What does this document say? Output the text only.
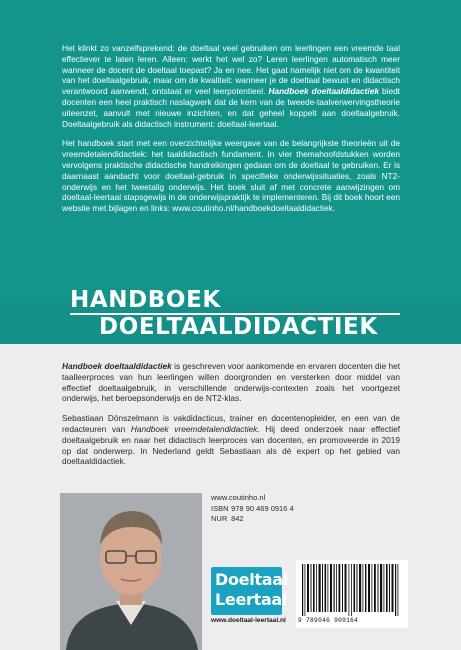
Het klinkt zo vanzelfsprekend: de doeltaal veel gebruiken om leerlingen een vreemde taal effectiever te laten leren. Alleen: werkt het wel zo? Leren leerlingen automatisch meer wanneer de docent de doeltaal toepast? Ja en nee. Het gaat namelijk niet om de kwantiteit van het doeltaalgebruik, maar om de kwaliteit: wanneer je de doeltaal bewust en didactisch verantwoord aanwendt, ontstaat er veel leerpotentieel. Handboek doeltaaldidactiek biedt docenten een heel praktisch naslagwerk dat de kern van de tweede-taalverwervingstheorie uiteenzet, aanvult met nieuwe inzichten, en dat geheel koppelt aan doeltaalgebruik. Doeltaalgebruik als didactisch instrument: doeltaal-leertaal.

Het handboek start met een overzichtelijke weergave van de belangrijkste theorieën uit de vreemdetalendidactiek: het taaldidactisch fundament. In vier themahoofdstukken worden vervolgens praktische didactische handreikingen gedaan om de doeltaal te gebruiken. Er is daarnaast aandacht voor doeltaal-gebruik in specifieke onderwijssituaties, zoals NT2-onderwijs en het tweetalig onderwijs. Het boek sluit af met concrete aanwijzingen om doeltaal-leertaal stapsgewijs in de onderwijspraktijk te implementeren. Bij dit boek hoort een website met bijlagen en links: www.coutinho.nl/handboekdoeltaaldidactiek.

HANDBOEK
DOELTAALDIDACTIEK

Handboek doeltaaldidactiek is geschreven voor aankomende en ervaren docenten die het taalleerproces van hun leerlingen willen doorgronden en versterken door middel van effectief doeltaalgebruik, in verschillende onderwijs-contexten zoals het voortgezet onderwijs, het beroepsonderwijs en de NT2-klas.

Sebastiaan Dönszelmann is vakdidacticus, trainer en docentenopleider, en een van de redacteuren van Handboek vreemdetalendidactiek. Hij deed onderzoek naar effectief doeltaalgebruik en naar het didactisch leerproces van docenten, en promoveerde in 2019 op dat onderwerp. In Nederland geldt Sebastiaan als dé expert op het gebied van doeltaaldidactiek.

www.coutinho.nl
ISBN 978 90 469 0916 4
NUR 842
Doeltaal
Leertaal
www.doeltaal-leertaal.nl 9 789046 909164
